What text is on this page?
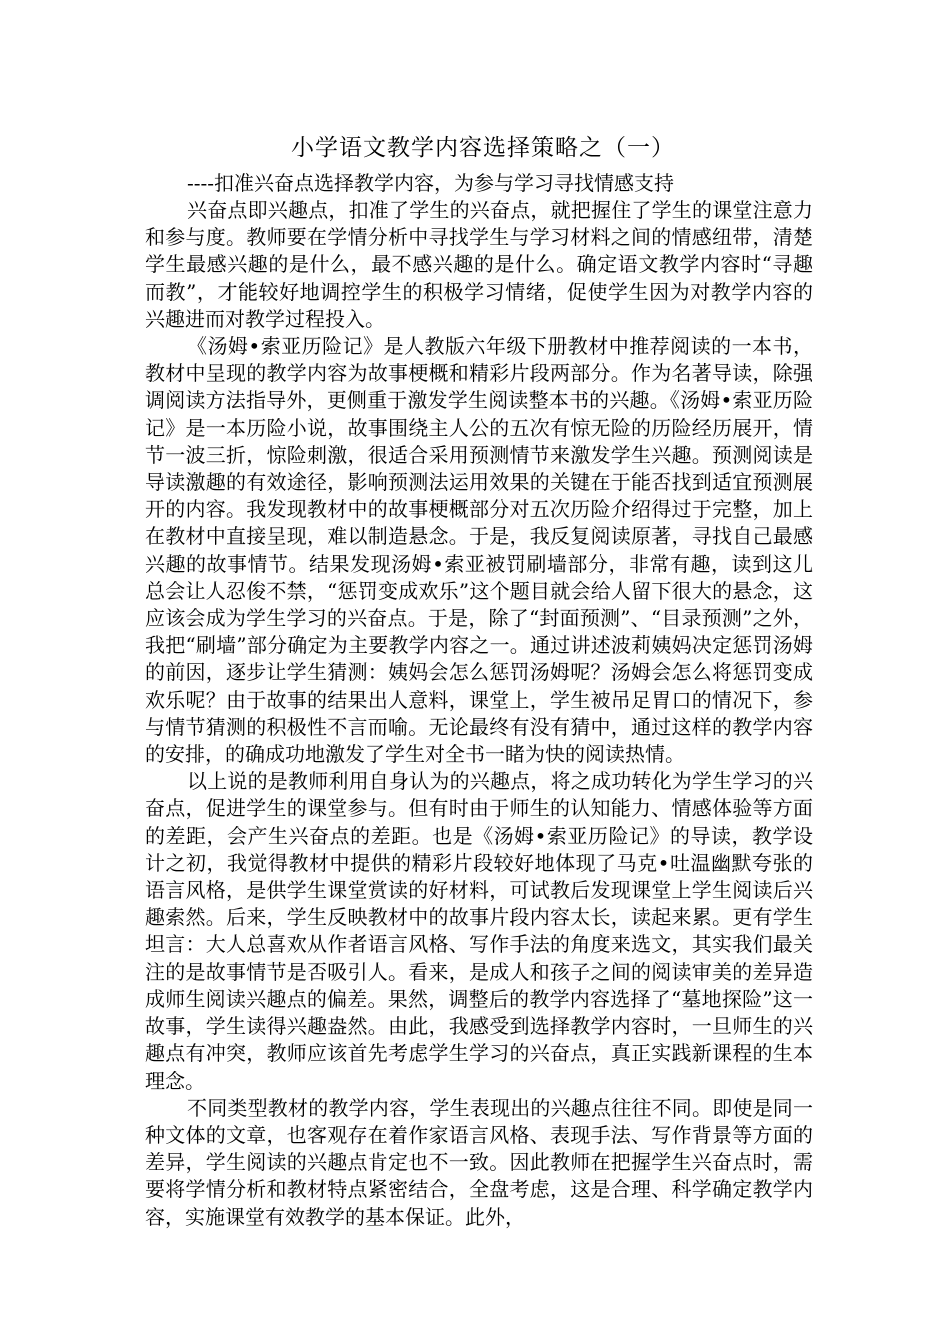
小学语文教学内容选择策略之（一）

----扣准兴奋点选择教学内容，为参与学习寻找情感支持

兴奋点即兴趣点，扣准了学生的兴奋点，就把握住了学生的课堂注意力和参与度。教师要在学情分析中寻找学生与学习材料之间的情感纽带，清楚学生最感兴趣的是什么，最不感兴趣的是什么。确定语文教学内容时“寻趣而教”，才能较好地调控学生的积极学习情绪，促使学生因为对教学内容的兴趣进而对教学过程投入。

《汤姆•索亚历险记》是人教版六年级下册教材中推荐阅读的一本书，教材中呈现的教学内容为故事梗概和精彩片段两部分。作为名著导读，除强调阅读方法指导外，更侧重于激发学生阅读整本书的兴趣。《汤姆•索亚历险记》是一本历险小说，故事围绕主人公的五次有惊无险的历险经历展开，情节一波三折，惊险刺激，很适合采用预测情节来激发学生兴趣。预测阅读是导读激趣的有效途径，影响预测法运用效果的关键在于能否找到适宜预测展开的内容。我发现教材中的故事梗概部分对五次历险介绍得过于完整，加上在教材中直接呈现，难以制造悬念。于是，我反复阅读原著，寻找自己最感兴趣的故事情节。结果发现汤姆•索亚被罚刷墙部分，非常有趣，读到这儿总会让人忍俊不禁，“惩罚变成欢乐”这个题目就会给人留下很大的悬念，这应该会成为学生学习的兴奋点。于是，除了“封面预测”、“目录预测”之外，我把“刷墙”部分确定为主要教学内容之一。通过讲述波莉姨妈决定惩罚汤姆的前因，逐步让学生猜测：姨妈会怎么惩罚汤姆呢？汤姆会怎么将惩罚变成欢乐呢？由于故事的结果出人意料，课堂上，学生被吊足胃口的情况下，参与情节猜测的积极性不言而喻。无论最终有没有猜中，通过这样的教学内容的安排，的确成功地激发了学生对全书一睹为快的阅读热情。

以上说的是教师利用自身认为的兴趣点，将之成功转化为学生学习的兴奋点，促进学生的课堂参与。但有时由于师生的认知能力、情感体验等方面的差距，会产生兴奋点的差距。也是《汤姆•索亚历险记》的导读，教学设计之初，我觉得教材中提供的精彩片段较好地体现了马克•吐温幽默夸张的语言风格，是供学生课堂赏读的好材料，可试教后发现课堂上学生阅读后兴趣索然。后来，学生反映教材中的故事片段内容太长，读起来累。更有学生坦言：大人总喜欢从作者语言风格、写作手法的角度来选文，其实我们最关注的是故事情节是否吸引人。看来，是成人和孩子之间的阅读审美的差异造成师生阅读兴趣点的偏差。果然，调整后的教学内容选择了“墓地探险”这一故事，学生读得兴趣盎然。由此，我感受到选择教学内容时，一旦师生的兴趣点有冲突，教师应该首先考虑学生学习的兴奋点，真正实践新课程的生本理念。

不同类型教材的教学内容，学生表现出的兴趣点往往不同。即使是同一种文体的文章，也客观存在着作家语言风格、表现手法、写作背景等方面的差异，学生阅读的兴趣点肯定也不一致。因此教师在把握学生兴奋点时，需要将学情分析和教材特点紧密结合，全盘考虑，这是合理、科学确定教学内容，实施课堂有效教学的基本保证。此外，
